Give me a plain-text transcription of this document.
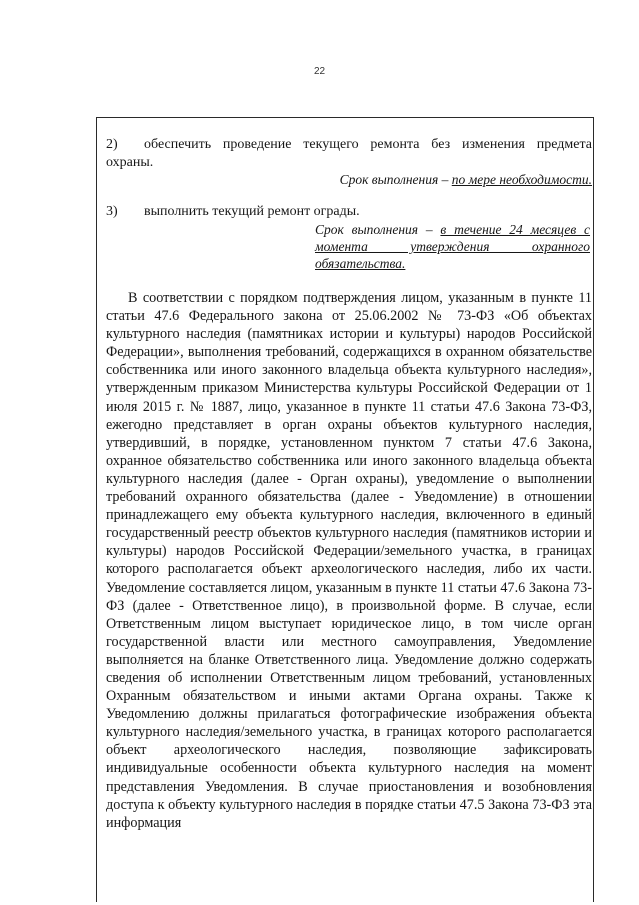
22
2) обеспечить проведение текущего ремонта без изменения предмета охраны.
Срок выполнения – по мере необходимости.
3) выполнить текущий ремонт ограды.
Срок выполнения – в течение 24 месяцев с момента утверждения охранного обязательства.
В соответствии с порядком подтверждения лицом, указанным в пункте 11 статьи 47.6 Федерального закона от 25.06.2002 № 73-ФЗ «Об объектах культурного наследия (памятниках истории и культуры) народов Российской Федерации», выполнения требований, содержащихся в охранном обязательстве собственника или иного законного владельца объекта культурного наследия», утвержденным приказом Министерства культуры Российской Федерации от 1 июля 2015 г. № 1887, лицо, указанное в пункте 11 статьи 47.6 Закона 73-ФЗ, ежегодно представляет в орган охраны объектов культурного наследия, утвердивший, в порядке, установленном пунктом 7 статьи 47.6 Закона, охранное обязательство собственника или иного законного владельца объекта культурного наследия (далее - Орган охраны), уведомление о выполнении требований охранного обязательства (далее - Уведомление) в отношении принадлежащего ему объекта культурного наследия, включенного в единый государственный реестр объектов культурного наследия (памятников истории и культуры) народов Российской Федерации/земельного участка, в границах которого располагается объект археологического наследия, либо их части. Уведомление составляется лицом, указанным в пункте 11 статьи 47.6 Закона 73-ФЗ (далее - Ответственное лицо), в произвольной форме. В случае, если Ответственным лицом выступает юридическое лицо, в том числе орган государственной власти или местного самоуправления, Уведомление выполняется на бланке Ответственного лица. Уведомление должно содержать сведения об исполнении Ответственным лицом требований, установленных Охранным обязательством и иными актами Органа охраны. Также к Уведомлению должны прилагаться фотографические изображения объекта культурного наследия/земельного участка, в границах которого располагается объект археологического наследия, позволяющие зафиксировать индивидуальные особенности объекта культурного наследия на момент представления Уведомления. В случае приостановления и возобновления доступа к объекту культурного наследия в порядке статьи 47.5 Закона 73-ФЗ эта информация
